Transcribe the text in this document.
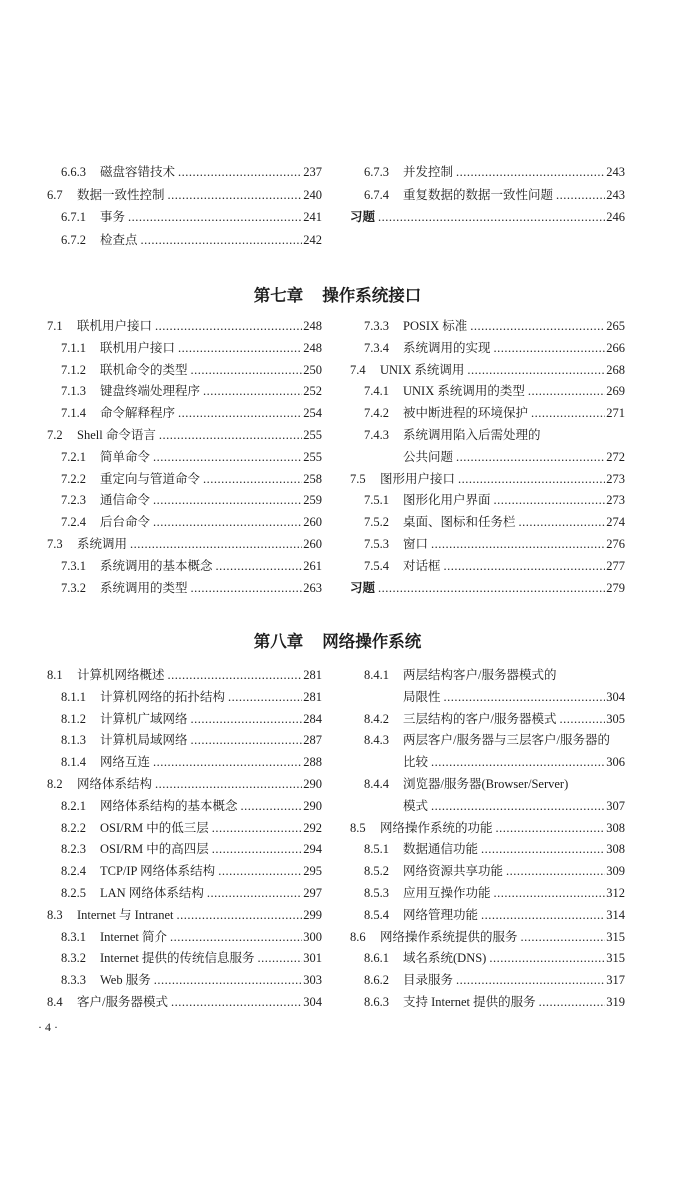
6.6.3	磁盘容错技术 .....	237
6.7	数据一致性控制 .....	240
6.7.1	事务 .....	241
6.7.2	检查点 .....	242
6.7.3	并发控制 .....	243
6.7.4	重复数据的数据一致性问题 .....	243
习题 .....	246
第七章 操作系统接口
7.1	联机用户接口 .....	248
7.1.1	联机用户接口 .....	248
7.1.2	联机命令的类型 .....	250
7.1.3	键盘终端处理程序 .....	252
7.1.4	命令解释程序 .....	254
7.2	Shell 命令语言 .....	255
7.2.1	简单命令 .....	255
7.2.2	重定向与管道命令 .....	258
7.2.3	通信命令 .....	259
7.2.4	后台命令 .....	260
7.3	系统调用 .....	260
7.3.1	系统调用的基本概念 .....	261
7.3.2	系统调用的类型 .....	263
7.3.3	POSIX 标准 .....	265
7.3.4	系统调用的实现 .....	266
7.4	UNIX 系统调用 .....	268
7.4.1	UNIX 系统调用的类型 .....	269
7.4.2	被中断进程的环境保护 .....	271
7.4.3	系统调用陷入后需处理的
公共问题 .....	272
7.5	图形用户接口 .....	273
7.5.1	图形化用户界面 .....	273
7.5.2	桌面、图标和任务栏 .....	274
7.5.3	窗口 .....	276
7.5.4	对话框 .....	277
习题 .....	279
第八章 网络操作系统
8.1	计算机网络概述 .....	281
8.1.1	计算机网络的拓扑结构 .....	281
8.1.2	计算机广域网络 .....	284
8.1.3	计算机局域网络 .....	287
8.1.4	网络互连 .....	288
8.2	网络体系结构 .....	290
8.2.1	网络体系结构的基本概念 .....	290
8.2.2	OSI/RM 中的低三层 .....	292
8.2.3	OSI/RM 中的高四层 .....	294
8.2.4	TCP/IP 网络体系结构 .....	295
8.2.5	LAN 网络体系结构 .....	297
8.3	Internet 与 Intranet .....	299
8.3.1	Internet 简介 .....	300
8.3.2	Internet 提供的传统信息服务 .....	301
8.3.3	Web 服务 .....	303
8.4	客户/服务器模式 .....	304
8.4.1	两层结构客户/服务器模式的
局限性 .....	304
8.4.2	三层结构的客户/服务器模式 .....	305
8.4.3	两层客户/服务器与三层客户/服务器的
比较 .....	306
8.4.4	浏览器/服务器(Browser/Server)
模式 .....	307
8.5	网络操作系统的功能 .....	308
8.5.1	数据通信功能 .....	308
8.5.2	网络资源共享功能 .....	309
8.5.3	应用互操作功能 .....	312
8.5.4	网络管理功能 .....	314
8.6	网络操作系统提供的服务 .....	315
8.6.1	域名系统(DNS) .....	315
8.6.2	目录服务 .....	317
8.6.3	支持 Internet 提供的服务 .....	319
· 4 ·
